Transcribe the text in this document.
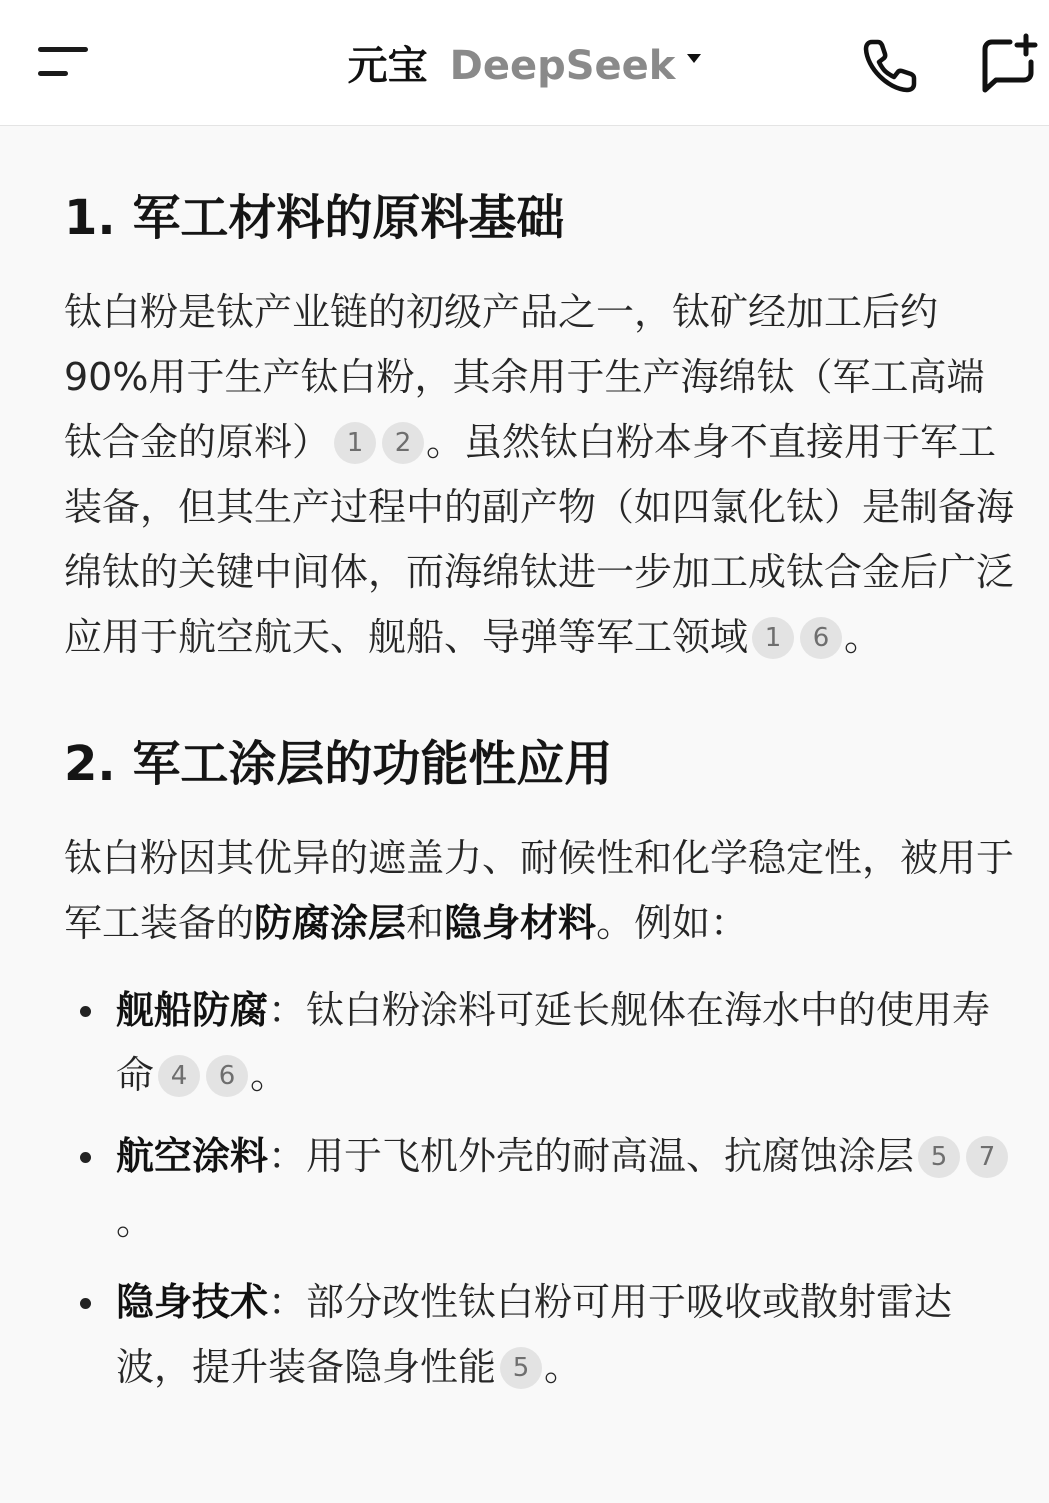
元宝 DeepSeek
1. 军工材料的原料基础

钛白粉是钛产业链的初级产品之一，钛矿经加工后约90%用于生产钛白粉，其余用于生产海绵钛（军工高端钛合金的原料） 1 2 。虽然钛白粉本身不直接用于军工装备，但其生产过程中的副产物（如四氯化钛）是制备海绵钛的关键中间体，而海绵钛进一步加工成钛合金后广泛应用于航空航天、舰船、导弹等军工领域 1 6 。

2. 军工涂层的功能性应用

钛白粉因其优异的遮盖力、耐候性和化学稳定性，被用于军工装备的防腐涂层和隐身材料。例如：

舰船防腐：钛白粉涂料可延长舰体在海水中的使用寿命 4 6 。
航空涂料：用于飞机外壳的耐高温、抗腐蚀涂层 5 7。
隐身技术：部分改性钛白粉可用于吸收或散射雷达波，提升装备隐身性能 5 。
